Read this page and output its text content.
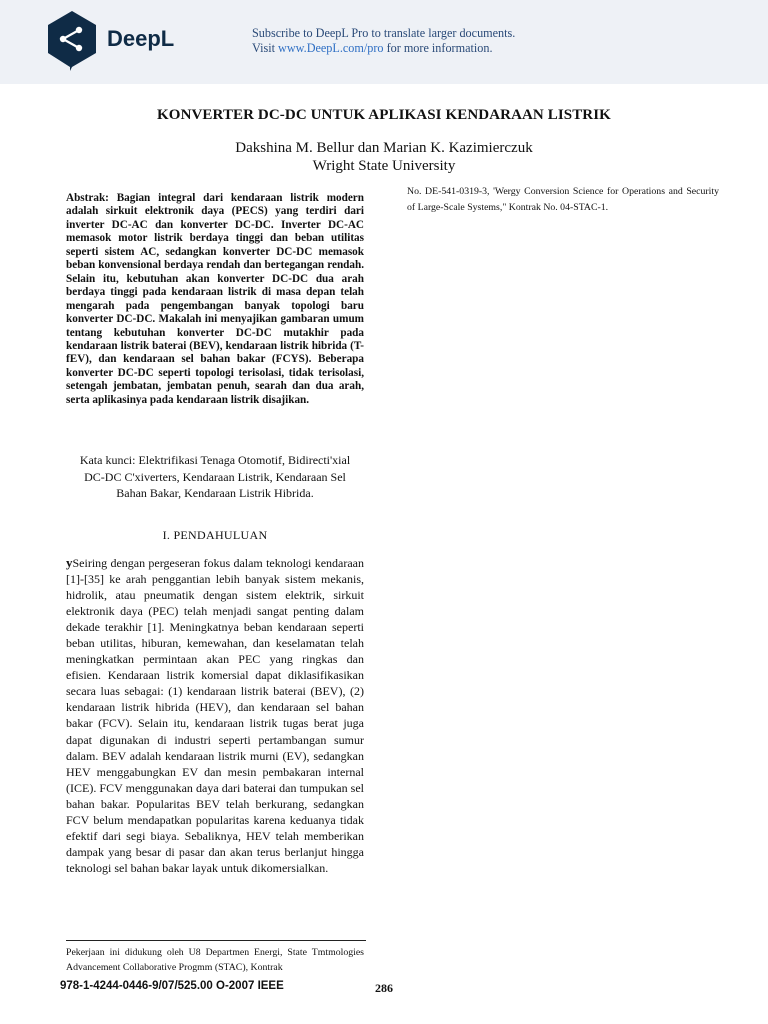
DeepL	Subscribe to DeepL Pro to translate larger documents.
Visit www.DeepL.com/pro for more information.
KONVERTER DC-DC UNTUK APLIKASI KENDARAAN LISTRIK
Dakshina M. Bellur dan Marian K. Kazimierczuk
Wright State University
Abstrak: Bagian integral dari kendaraan listrik modern adalah sirkuit elektronik daya (PECS) yang terdiri dari inverter DC-AC dan konverter DC-DC. Inverter DC-AC memasok motor listrik berdaya tinggi dan beban utilitas seperti sistem AC, sedangkan konverter DC-DC memasok beban konvensional berdaya rendah dan bertegangan rendah. Selain itu, kebutuhan akan konverter DC-DC dua arah berdaya tinggi pada kendaraan listrik di masa depan telah mengarah pada pengembangan banyak topologi baru konverter DC-DC. Makalah ini menyajikan gambaran umum tentang kebutuhan konverter DC-DC mutakhir pada kendaraan listrik baterai (BEV), kendaraan listrik hibrida (T-fEV), dan kendaraan sel bahan bakar (FCYS). Beberapa konverter DC-DC seperti topologi terisolasi, tidak terisolasi, setengah jembatan, jembatan penuh, searah dan dua arah, serta aplikasinya pada kendaraan listrik disajikan.
Kata kunci: Elektrifikasi Tenaga Otomotif, Bidirecti'xial DC-DC C'xiverters, Kendaraan Listrik, Kendaraan Sel Bahan Bakar, Kendaraan Listrik Hibrida.
I. PENDAHULUAN
уSeiring dengan pergeseran fokus dalam teknologi kendaraan [1]-[35] ke arah penggantian lebih banyak sistem mekanis, hidrolik, atau pneumatik dengan sistem elektrik, sirkuit elektronik daya (PEC) telah menjadi sangat penting dalam dekade terakhir [1]. Meningkatnya beban kendaraan seperti beban utilitas, hiburan, kemewahan, dan keselamatan telah meningkatkan permintaan akan PEC yang ringkas dan efisien. Kendaraan listrik komersial dapat diklasifikasikan secara luas sebagai: (1) kendaraan listrik baterai (BEV), (2) kendaraan listrik hibrida (HEV), dan kendaraan sel bahan bakar (FCV). Selain itu, kendaraan listrik tugas berat juga dapat digunakan di industri seperti pertambangan sumur dalam. BEV adalah kendaraan listrik murni (EV), sedangkan HEV menggabungkan EV dan mesin pembakaran internal (ICE). FCV menggunakan daya dari baterai dan tumpukan sel bahan bakar. Popularitas BEV telah berkurang, sedangkan FCV belum mendapatkan popularitas karena keduanya tidak efektif dari segi biaya. Sebaliknya, HEV telah memberikan dampak yang besar di pasar dan akan terus berlanjut hingga teknologi sel bahan bakar layak untuk dikomersialkan.
Pekerjaan ini didukung oleh U8 Departmen Energi, State Tmtmologies Advancement Collaborative Progmm (STAC), Kontrak
No. DE-541-0319-3, 'Wergy Conversion Science for Operations and Security of Large-Scale Systems," Kontrak No. 04-STAC-1.
978-1-4244-0446-9/07/525.00 O-2007 IEEE	286
